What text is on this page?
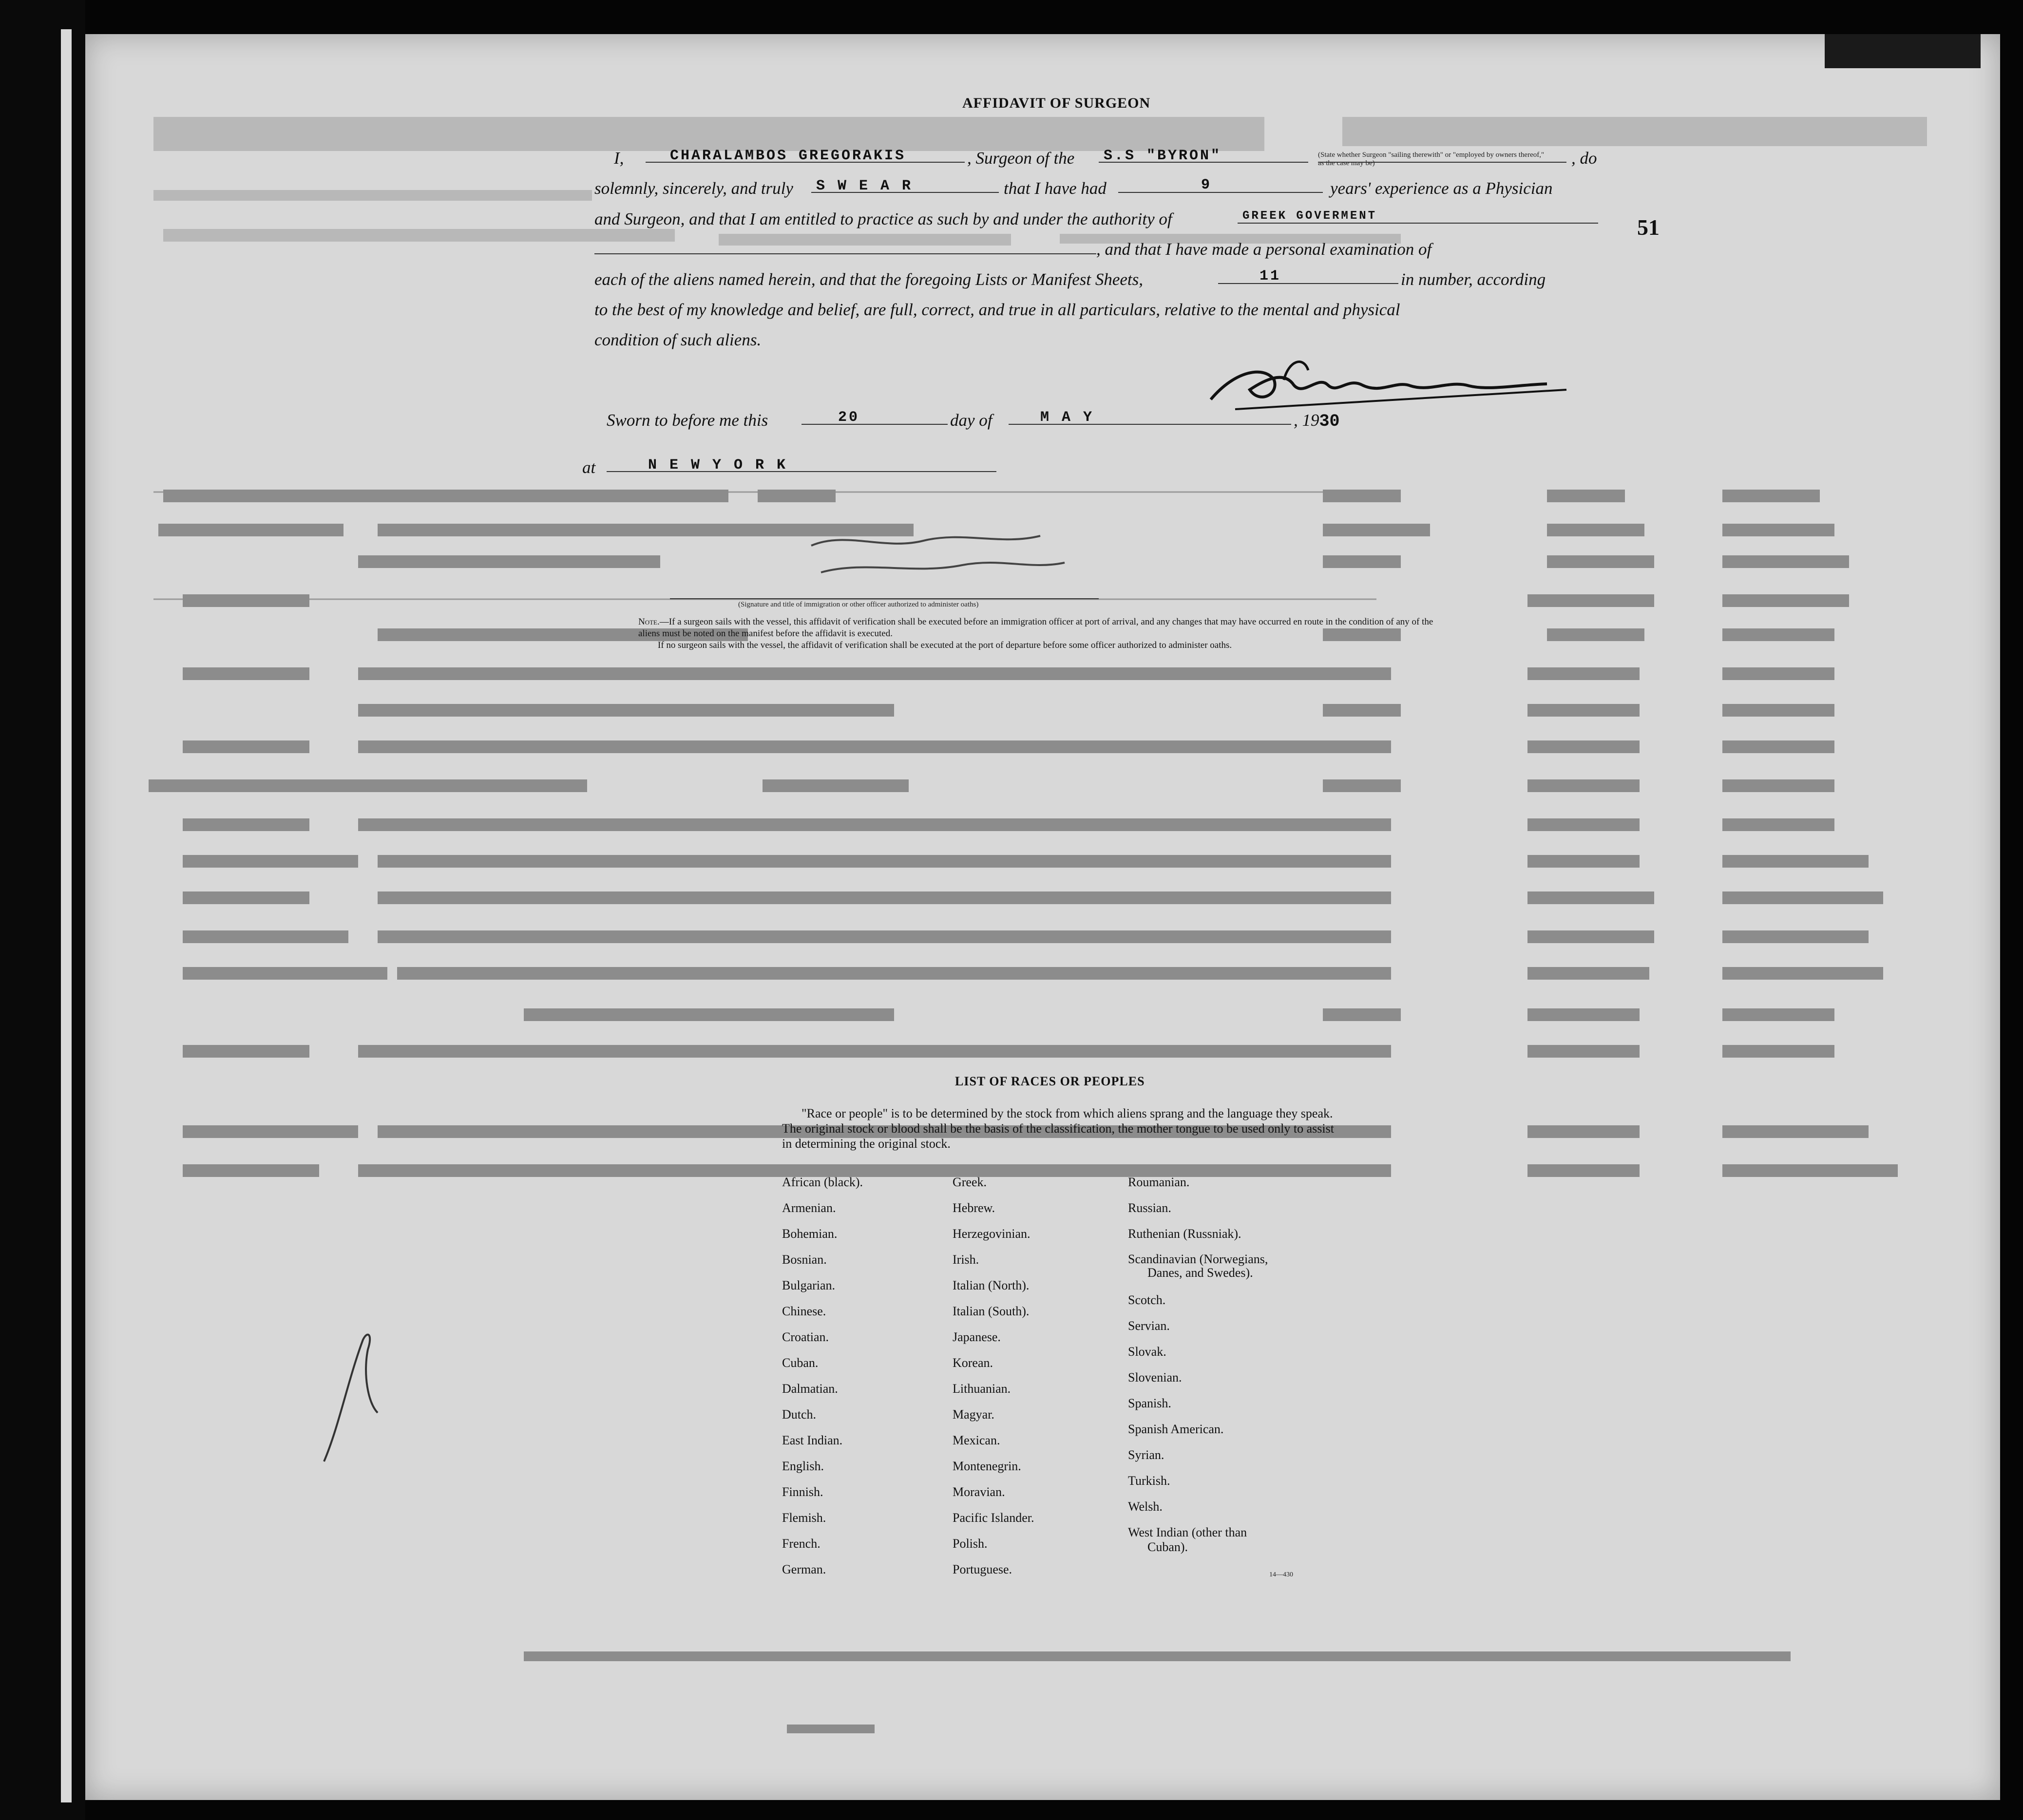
AFFIDAVIT OF SURGEON
I,	CHARALAMBOS GREGORAKIS	, Surgeon of the S.S "BYRON"	(State whether Surgeon "sailing therewith" or "employed by owners thereof," as the case may be)	, do
solemnly, sincerely, and truly S W E A R	that I have had	9	years' experience as a Physician
and Surgeon, and that I am entitled to practice as such by and under the authority of	GREEK GOVERMENT	51
, and that I have made a personal examination of
each of the aliens named herein, and that the foregoing Lists or Manifest Sheets,	11	in number, according
to the best of my knowledge and belief, are full, correct, and true in all particulars, relative to the mental and physical
condition of such aliens.
Sworn to before me this	20	day of	M A Y	, 1930
at	N E W Y O R K
(Signature and title of immigration or other officer authorized to administer oaths)
Note.—If a surgeon sails with the vessel, this affidavit of verification shall be executed before an immigration officer at port of arrival, and any changes that may have occurred en route in the condition of any of the aliens must be noted on the manifest before the affidavit is executed.
If no surgeon sails with the vessel, the affidavit of verification shall be executed at the port of departure before some officer authorized to administer oaths.
LIST OF RACES OR PEOPLES
"Race or people" is to be determined by the stock from which aliens sprang and the language they speak. The original stock or blood shall be the basis of the classification, the mother tongue to be used only to assist in determining the original stock.
African (black).
Armenian.
Bohemian.
Bosnian.
Bulgarian.
Chinese.
Croatian.
Cuban.
Dalmatian.
Dutch.
East Indian.
English.
Finnish.
Flemish.
French.
German.
Greek.
Hebrew.
Herzegovinian.
Irish.
Italian (North).
Italian (South).
Japanese.
Korean.
Lithuanian.
Magyar.
Mexican.
Montenegrin.
Moravian.
Pacific Islander.
Polish.
Portuguese.
Roumanian.
Russian.
Ruthenian (Russniak).
Scandinavian (Norwegians,
Danes, and Swedes).
Scotch.
Servian.
Slovak.
Slovenian.
Spanish.
Spanish American.
Syrian.
Turkish.
Welsh.
West Indian (other than
Cuban).
14—430
